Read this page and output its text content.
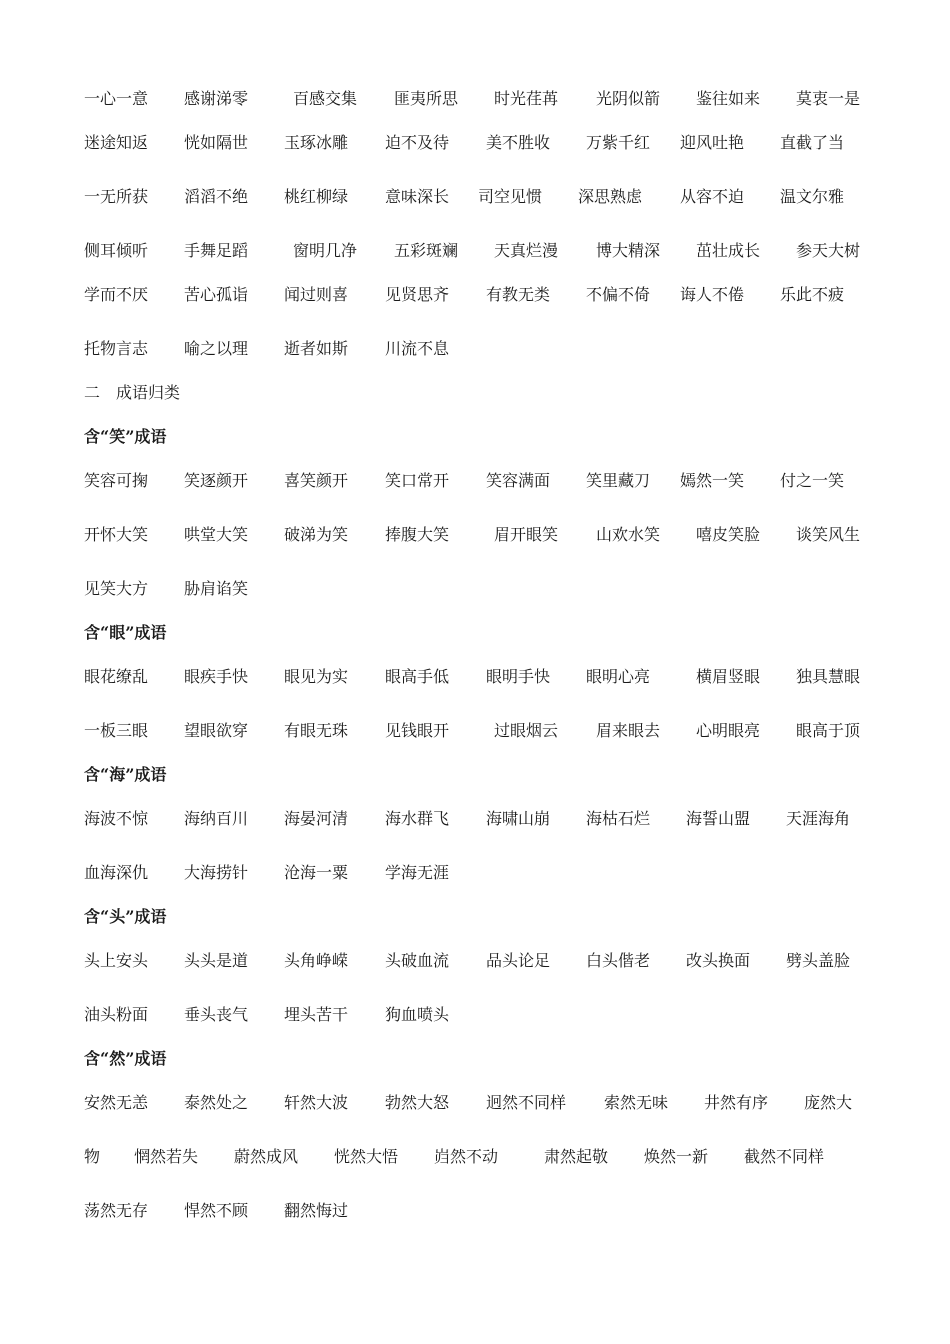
一心一意 感谢涕零	百感交集 匪夷所思 时光荏苒 光阴似箭 鉴往如来 莫衷一是
迷途知返 恍如隔世 玉琢冰雕 迫不及待 美不胜收 万紫千红 迎风吐艳 直截了当
一无所获 滔滔不绝 桃红柳绿 意味深长 司空见惯 深思熟虑 从容不迫 温文尔雅
侧耳倾听 手舞足蹈	窗明几净 五彩斑斓 天真烂漫 博大精深 茁壮成长 参天大树
学而不厌 苦心孤诣 闻过则喜 见贤思齐 有教无类 不偏不倚 诲人不倦 乐此不疲
托物言志 喻之以理 逝者如斯 川流不息
二　成语归类
含“笑”成语
笑容可掬 笑逐颜开 喜笑颜开 笑口常开 笑容满面 笑里藏刀 嫣然一笑 付之一笑
开怀大笑 哄堂大笑 破涕为笑 捧腹大笑	眉开眼笑 山欢水笑 嘻皮笑脸 谈笑风生
见笑大方 胁肩谄笑
含“眼”成语
眼花缭乱 眼疾手快 眼见为实 眼高手低 眼明手快 眼明心亮	横眉竖眼 独具慧眼
一板三眼 望眼欲穿 有眼无珠 见钱眼开	过眼烟云 眉来眼去 心明眼亮 眼高于顶
含“海”成语
海波不惊 海纳百川 海晏河清 海水群飞 海啸山崩 海枯石烂 海誓山盟 天涯海角
血海深仇 大海捞针 沧海一粟 学海无涯
含“头”成语
头上安头 头头是道 头角峥嵘 头破血流 品头论足 白头偕老 改头换面 劈头盖脸
油头粉面 垂头丧气 埋头苦干 狗血喷头
含“然”成语
安然无恙 泰然处之 轩然大波 勃然大怒 迥然不同样 索然无味 井然有序 庞然大
物 惘然若失 蔚然成风 恍然大悟 岿然不动	肃然起敬 焕然一新 截然不同样
荡然无存 悍然不顾 翻然悔过
